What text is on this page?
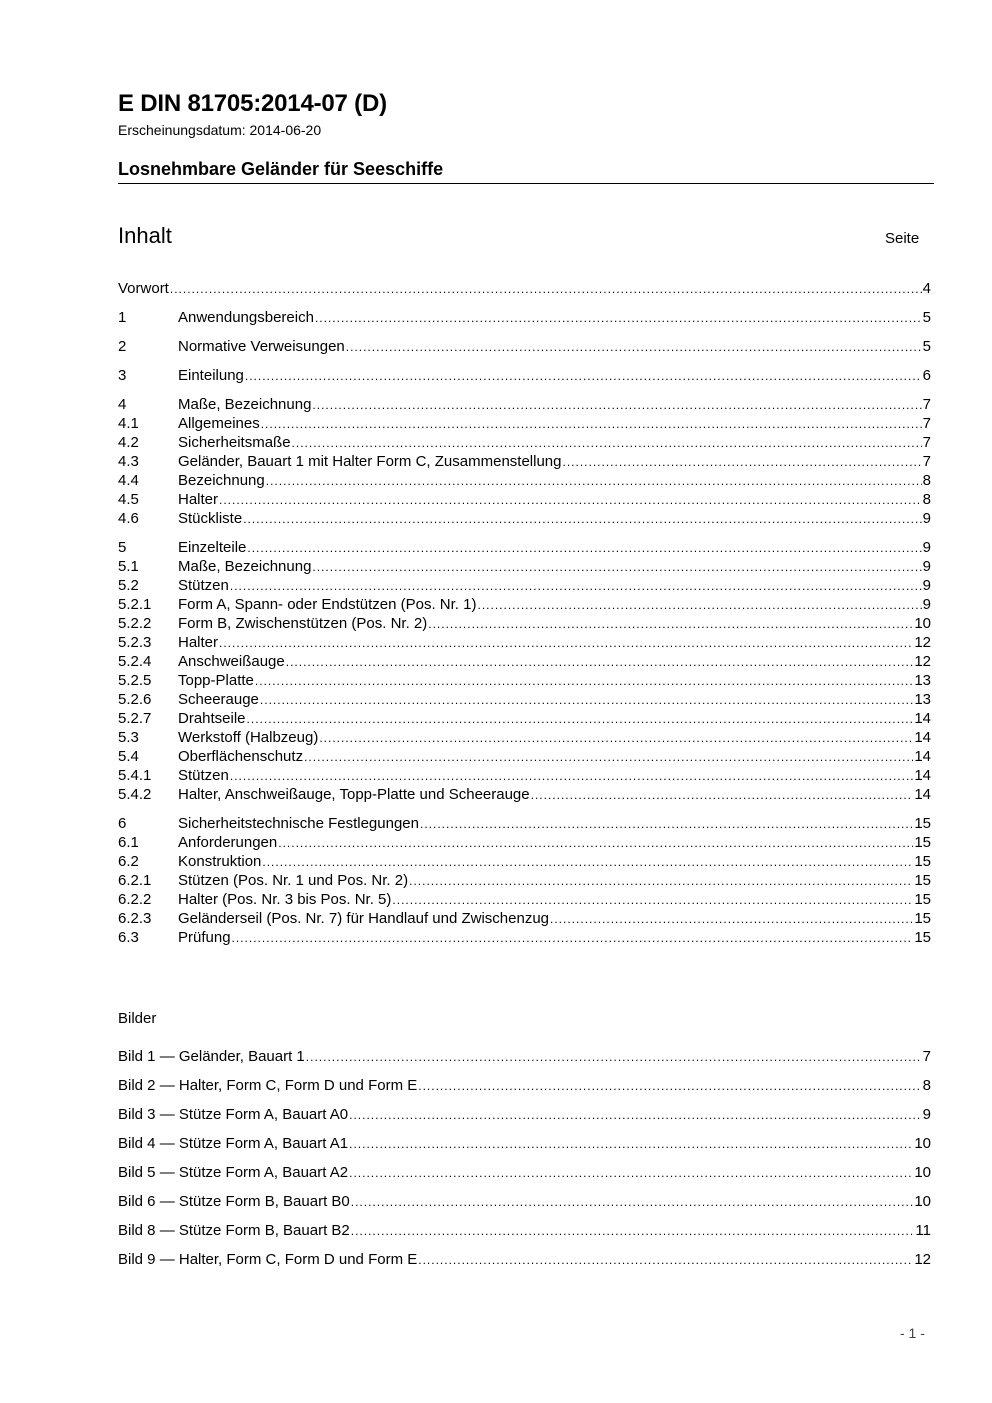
E DIN 81705:2014-07 (D)
Erscheinungsdatum: 2014-06-20
Losnehmbare Geländer für Seeschiffe
Inhalt	Seite
Vorwort .....	4
1	Anwendungsbereich .....	5
2	Normative Verweisungen .....	5
3	Einteilung .....	6
4	Maße, Bezeichnung .....	7
4.1	Allgemeines .....	7
4.2	Sicherheitsmaße .....	7
4.3	Geländer, Bauart 1 mit Halter Form C, Zusammenstellung .....	7
4.4	Bezeichnung .....	8
4.5	Halter .....	8
4.6	Stückliste .....	9
5	Einzelteile .....	9
5.1	Maße, Bezeichnung .....	9
5.2	Stützen .....	9
5.2.1	Form A, Spann- oder Endstützen (Pos. Nr. 1) .....	9
5.2.2	Form B, Zwischenstützen (Pos. Nr. 2) .....	10
5.2.3	Halter .....	12
5.2.4	Anschweißauge .....	12
5.2.5	Topp-Platte .....	13
5.2.6	Scheerauge .....	13
5.2.7	Drahtseile .....	14
5.3	Werkstoff (Halbzeug) .....	14
5.4	Oberflächenschutz .....	14
5.4.1	Stützen .....	14
5.4.2	Halter, Anschweißauge, Topp-Platte und Scheerauge .....	14
6	Sicherheitstechnische Festlegungen .....	15
6.1	Anforderungen .....	15
6.2	Konstruktion .....	15
6.2.1	Stützen (Pos. Nr. 1 und Pos. Nr. 2) .....	15
6.2.2	Halter (Pos. Nr. 3 bis Pos. Nr. 5) .....	15
6.2.3	Geländerseil (Pos. Nr. 7) für Handlauf und Zwischenzug .....	15
6.3	Prüfung .....	15
Bilder
Bild 1 — Geländer, Bauart 1 .....	7
Bild 2 — Halter, Form C, Form D und Form E .....	8
Bild 3 — Stütze Form A, Bauart A0 .....	9
Bild 4 — Stütze Form A, Bauart A1 .....	10
Bild 5 — Stütze Form A, Bauart A2 .....	10
Bild 6 — Stütze Form B, Bauart B0 .....	10
Bild 8 — Stütze Form B, Bauart B2 .....	11
Bild 9 — Halter, Form C, Form D und Form E .....	12
- 1 -
